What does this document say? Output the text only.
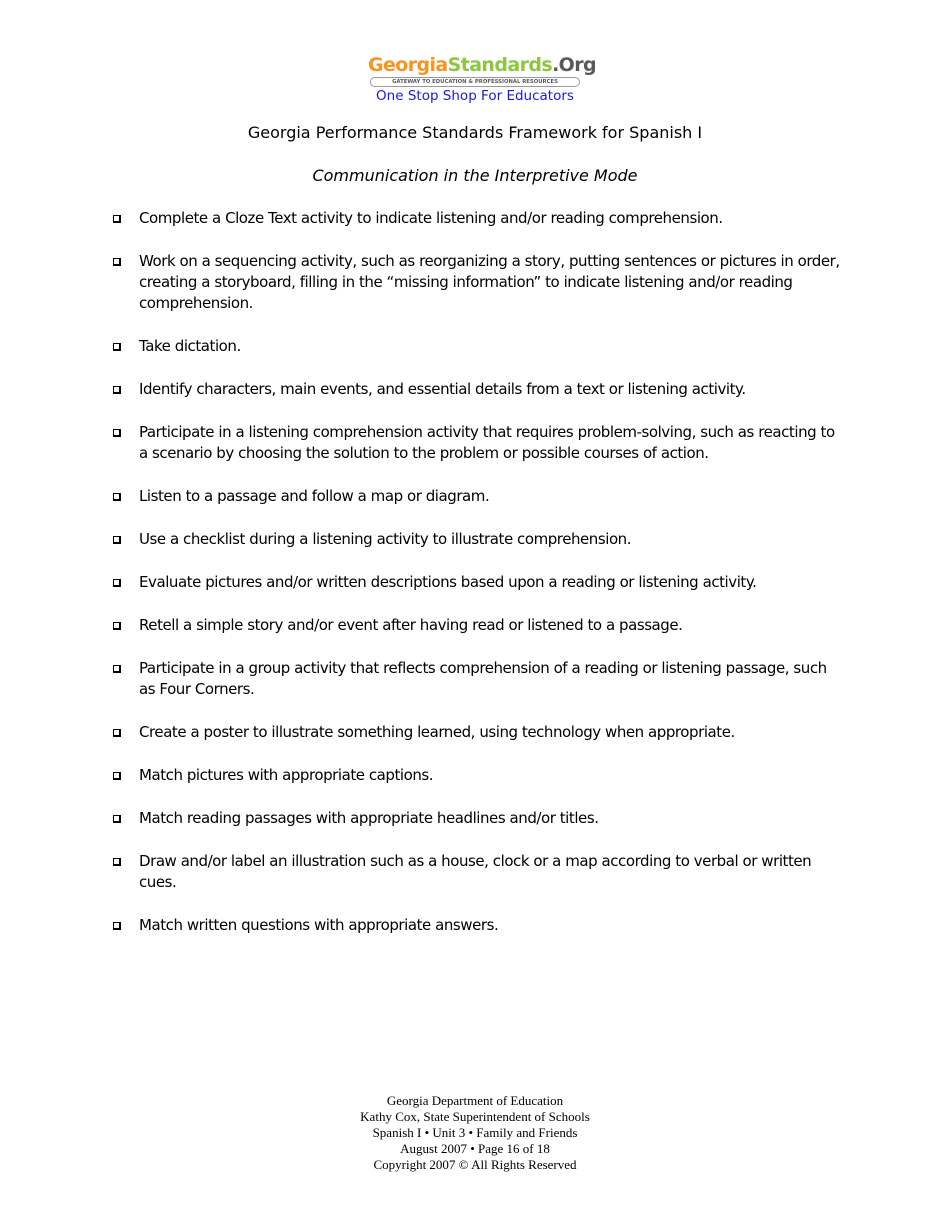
GeorgiaStandards.Org
GATEWAY TO EDUCATION & PROFESSIONAL RESOURCES
One Stop Shop For Educators
Georgia Performance Standards Framework for Spanish I
Communication in the Interpretive Mode
Complete a Cloze Text activity to indicate listening and/or reading comprehension.
Work on a sequencing activity, such as reorganizing a story, putting sentences or pictures in order, creating a storyboard, filling in the “missing information” to indicate listening and/or reading comprehension.
Take dictation.
Identify characters, main events, and essential details from a text or listening activity.
Participate in a listening comprehension activity that requires problem-solving, such as reacting to a scenario by choosing the solution to the problem or possible courses of action.
Listen to a passage and follow a map or diagram.
Use a checklist during a listening activity to illustrate comprehension.
Evaluate pictures and/or written descriptions based upon a reading or listening activity.
Retell a simple story and/or event after having read or listened to a passage.
Participate in a group activity that reflects comprehension of a reading or listening passage, such as Four Corners.
Create a poster to illustrate something learned, using technology when appropriate.
Match pictures with appropriate captions.
Match reading passages with appropriate headlines and/or titles.
Draw and/or label an illustration such as a house, clock or a map according to verbal or written cues.
Match written questions with appropriate answers.
Georgia Department of Education
Kathy Cox, State Superintendent of Schools
Spanish I • Unit 3 • Family and Friends
August 2007 • Page 16 of 18
Copyright 2007 © All Rights Reserved
